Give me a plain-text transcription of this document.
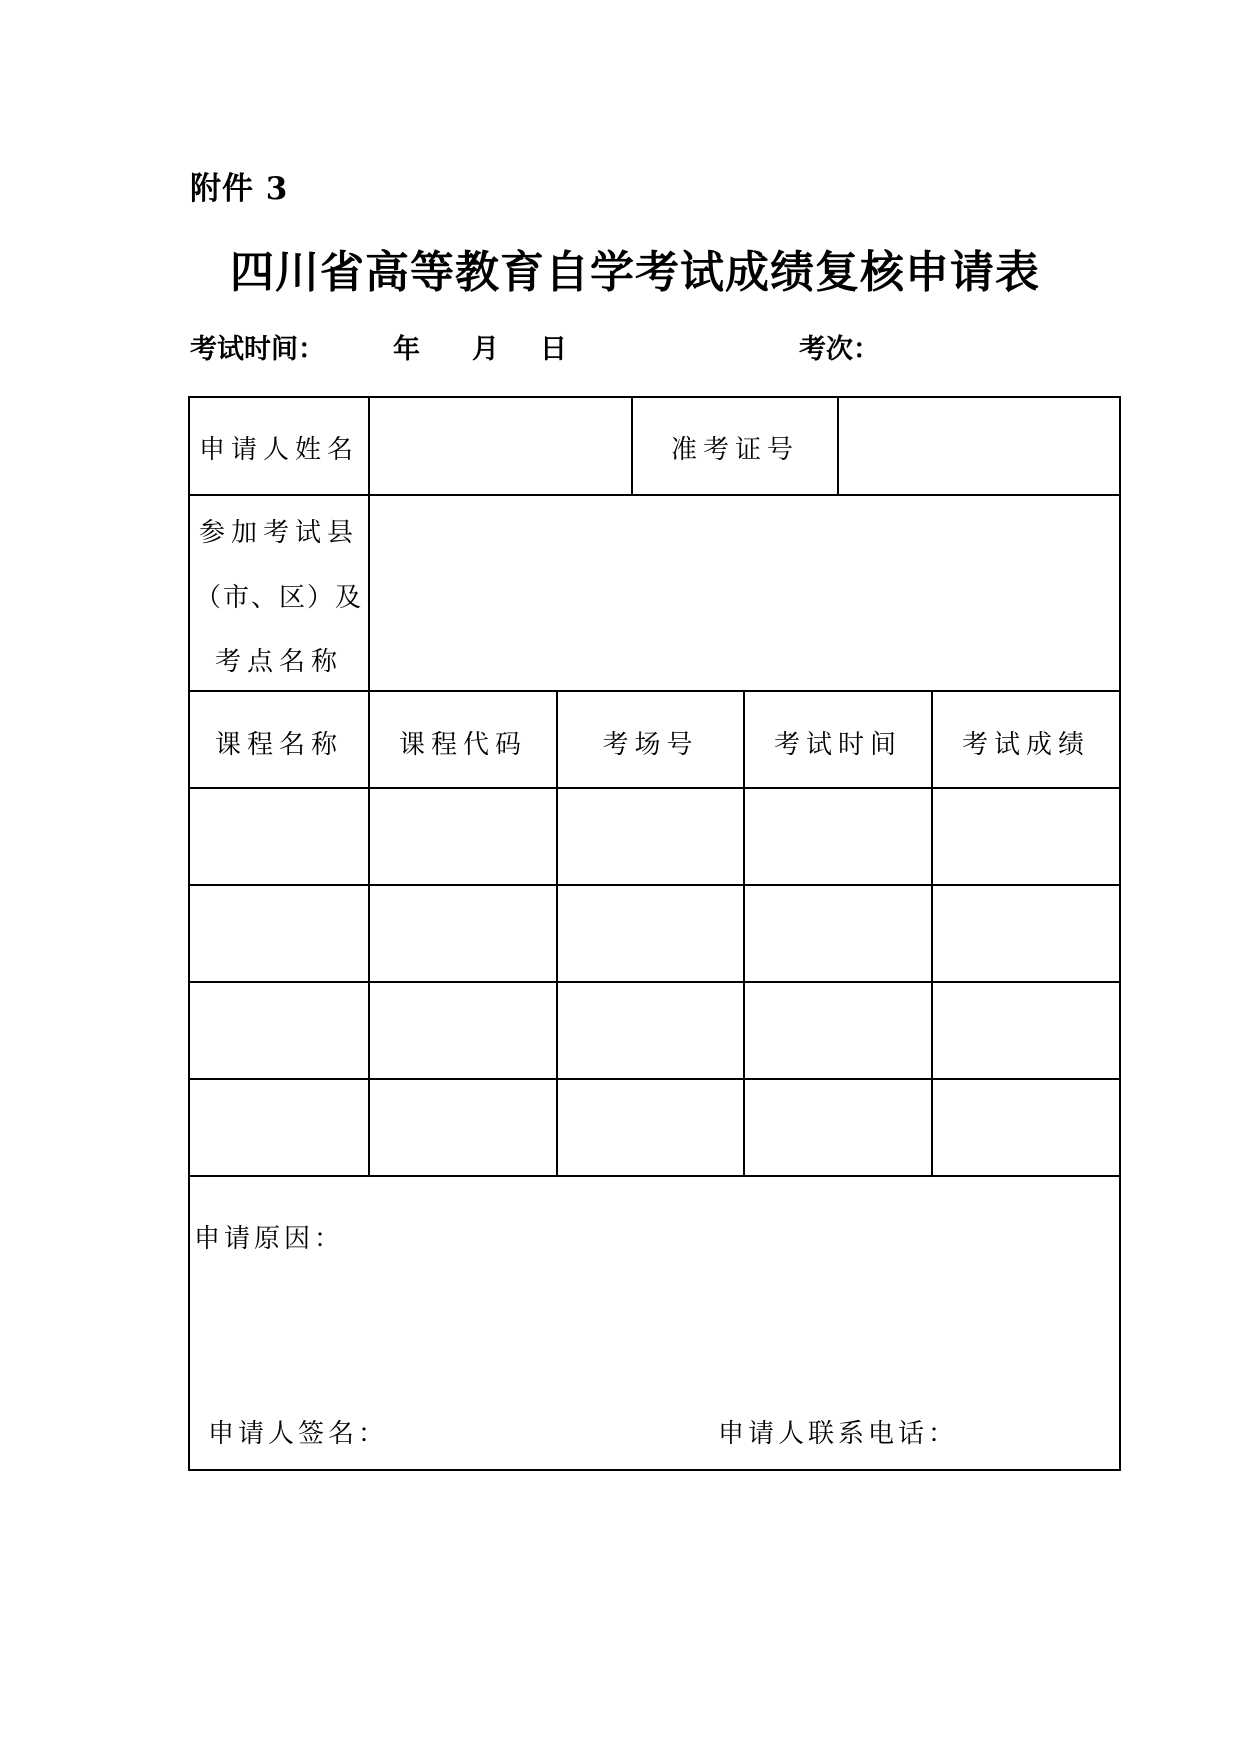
附件 3
四川省高等教育自学考试成绩复核申请表
考试时间：	年 月 日	考次：
申请人姓名	准考证号
参加考试县
（市、区）及
考点名称
课程名称	课程代码	考场号	考试时间	考试成绩
申请原因：
申请人签名：	申请人联系电话：
